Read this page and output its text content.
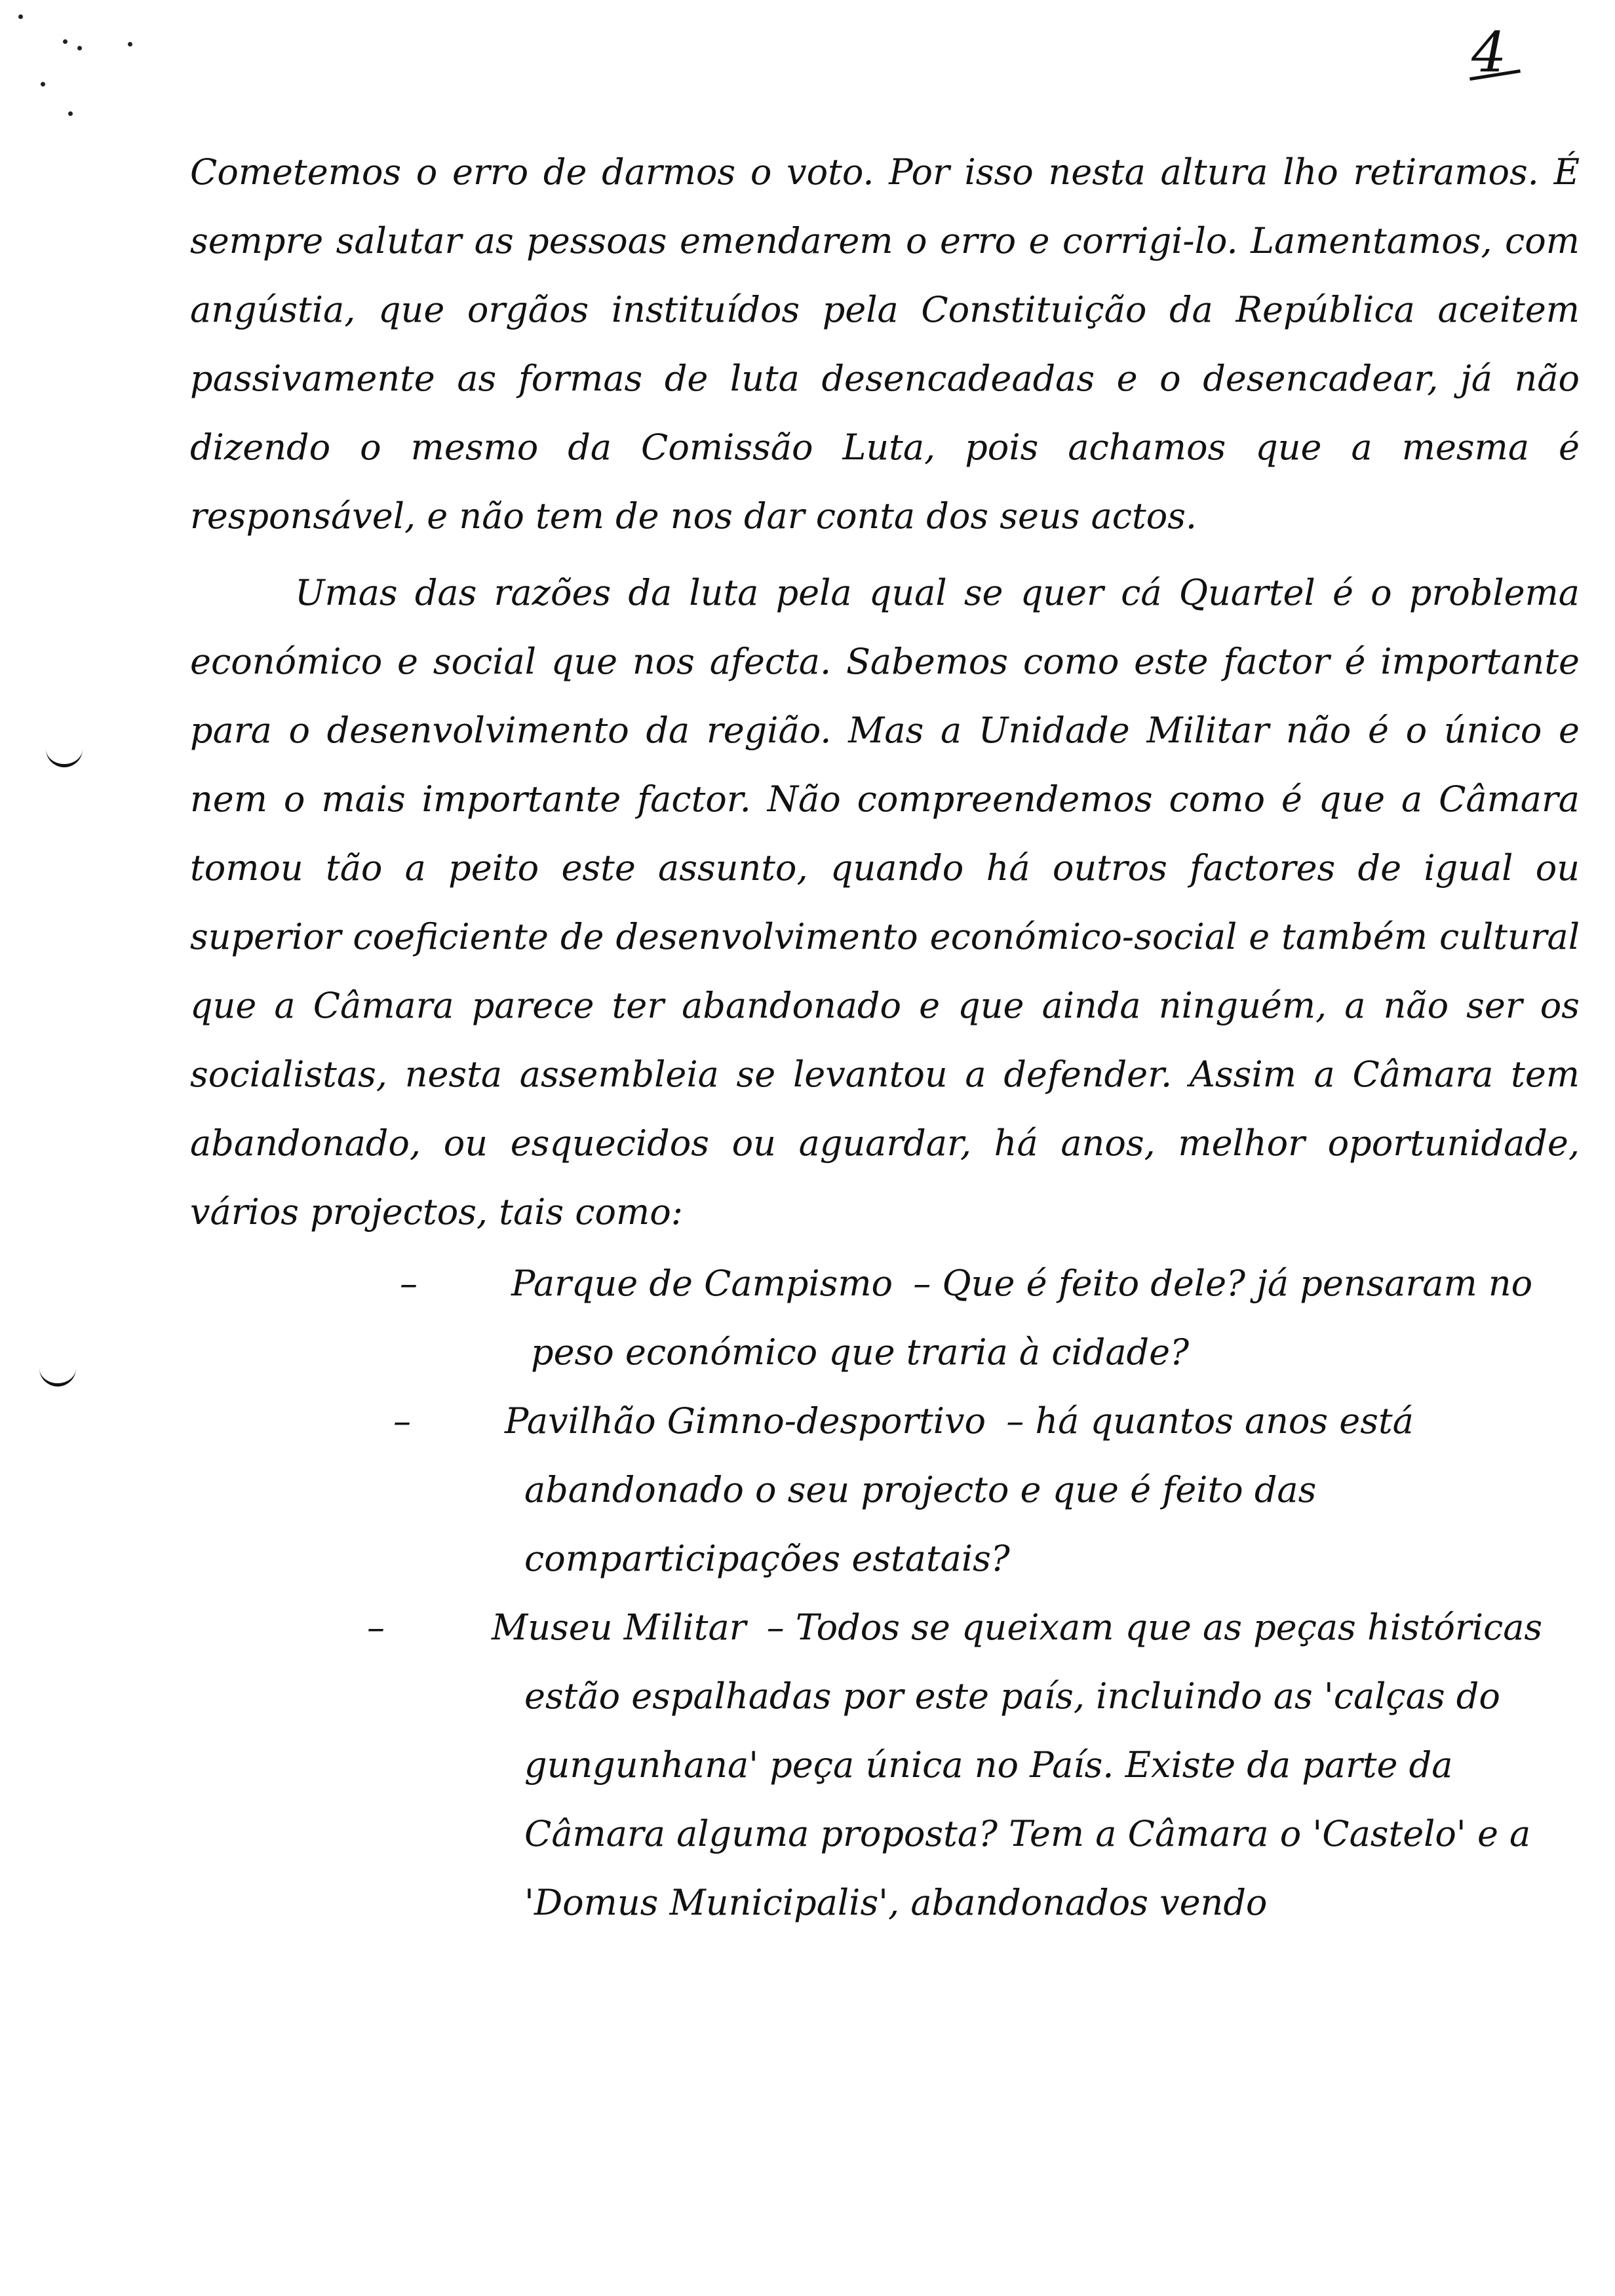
4

Cometemos o erro de darmos o voto. Por isso nesta altura lho retiramos. É sempre salutar as pessoas emendarem o erro e corrigi-lo. Lamentamos, com angústia, que orgãos instituídos pela Constituição da República aceitem passivamente as formas de luta desencadeadas e o desencadear, já não dizendo o mesmo da Comissão Luta, pois achamos que a mesma é responsável, e não tem de nos dar conta dos seus actos.

Umas das razões da luta pela qual se quer cá Quartel é o problema económico e social que nos afecta. Sabemos como este factor é importante para o desenvolvimento da região. Mas a Unidade Militar não é o único e nem o mais importante factor. Não compreendemos como é que a Câmara tomou tão a peito este assunto, quando há outros factores de igual ou superior coeficiente de desenvolvimento económico-social e também cultural que a Câmara parece ter abandonado e que ainda ninguém, a não ser os socialistas, nesta assembleia se levantou a defender. Assim a Câmara tem abandonado, ou esquecidos ou aguardar, há anos, melhor oportunidade, vários projectos, tais como:

–	Parque de Campismo – Que é feito dele? já pensaram no peso económico que traria à cidade?
–	Pavilhão Gimno-desportivo – há quantos anos está abandonado o seu projecto e que é feito das comparticipações estatais?
–	Museu Militar – Todos se queixam que as peças históricas estão espalhadas por este país, incluindo as 'calças do gungunhana' peça única no País. Existe da parte da Câmara alguma proposta? Tem a Câmara o 'Castelo' e a 'Domus Municipalis', abandonados vendo
